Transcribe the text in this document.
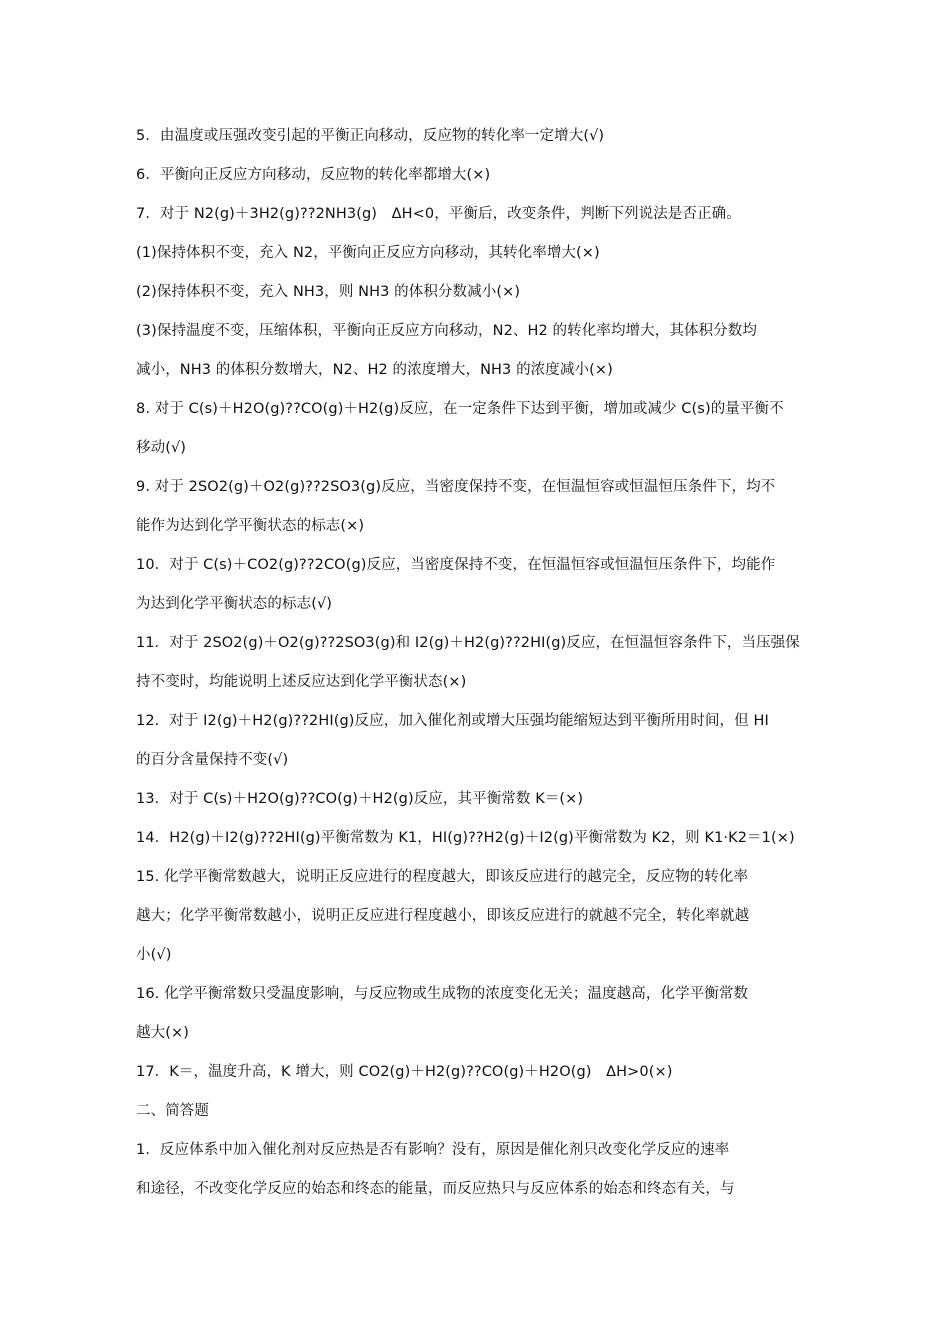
5．由温度或压强改变引起的平衡正向移动，反应物的转化率一定增大(√)
6．平衡向正反应方向移动，反应物的转化率都增大(×)
7．对于 N2(g)＋3H2(g)??2NH3(g)　ΔH<0，平衡后，改变条件，判断下列说法是否正确。
(1)保持体积不变，充入 N2，平衡向正反应方向移动，其转化率增大(×)
(2)保持体积不变，充入 NH3，则 NH3 的体积分数减小(×)
(3)保持温度不变，压缩体积，平衡向正反应方向移动，N2、H2 的转化率均增大，其体积分数均
减小，NH3 的体积分数增大，N2、H2 的浓度增大，NH3 的浓度减小(×)
8. 对于 C(s)＋H2O(g)??CO(g)＋H2(g)反应，在一定条件下达到平衡，增加或减少 C(s)的量平衡不
移动(√)
9. 对于 2SO2(g)＋O2(g)??2SO3(g)反应，当密度保持不变，在恒温恒容或恒温恒压条件下，均不
能作为达到化学平衡状态的标志(×)
10．对于 C(s)＋CO2(g)??2CO(g)反应，当密度保持不变，在恒温恒容或恒温恒压条件下，均能作
为达到化学平衡状态的标志(√)
11．对于 2SO2(g)＋O2(g)??2SO3(g)和 I2(g)＋H2(g)??2HI(g)反应，在恒温恒容条件下，当压强保
持不变时，均能说明上述反应达到化学平衡状态(×)
12．对于 I2(g)＋H2(g)??2HI(g)反应，加入催化剂或增大压强均能缩短达到平衡所用时间，但 HI
的百分含量保持不变(√)
13．对于 C(s)＋H2O(g)??CO(g)＋H2(g)反应，其平衡常数 K＝(×)
14．H2(g)＋I2(g)??2HI(g)平衡常数为 K1，HI(g)??H2(g)＋I2(g)平衡常数为 K2，则 K1·K2＝1(×)
15. 化学平衡常数越大，说明正反应进行的程度越大，即该反应进行的越完全，反应物的转化率
越大；化学平衡常数越小，说明正反应进行程度越小，即该反应进行的就越不完全，转化率就越
小(√)
16. 化学平衡常数只受温度影响，与反应物或生成物的浓度变化无关；温度越高，化学平衡常数
越大(×)
17．K＝，温度升高，K 增大，则 CO2(g)＋H2(g)??CO(g)＋H2O(g)　ΔH>0(×)
二、简答题
1．反应体系中加入催化剂对反应热是否有影响？没有，原因是催化剂只改变化学反应的速率
和途径，不改变化学反应的始态和终态的能量，而反应热只与反应体系的始态和终态有关，与
